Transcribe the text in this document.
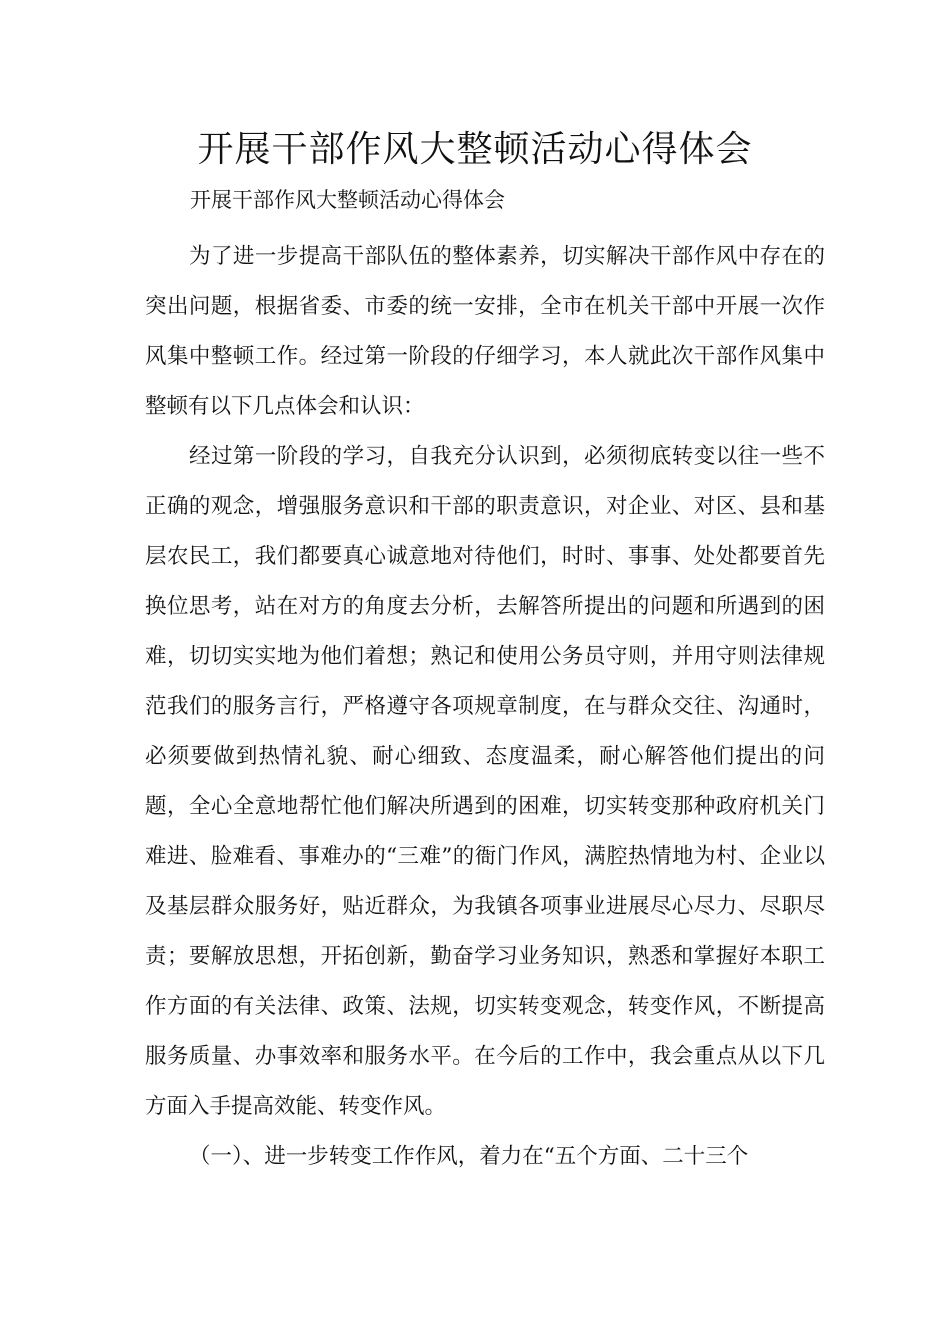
开展干部作风大整顿活动心得体会

开展干部作风大整顿活动心得体会

为了进一步提高干部队伍的整体素养，切实解决干部作风中存在的突出问题，根据省委、市委的统一安排，全市在机关干部中开展一次作风集中整顿工作。经过第一阶段的仔细学习，本人就此次干部作风集中整顿有以下几点体会和认识：

经过第一阶段的学习，自我充分认识到，必须彻底转变以往一些不正确的观念，增强服务意识和干部的职责意识，对企业、对区、县和基层农民工，我们都要真心诚意地对待他们，时时、事事、处处都要首先换位思考，站在对方的角度去分析，去解答所提出的问题和所遇到的困难，切切实实地为他们着想；熟记和使用公务员守则，并用守则法律规范我们的服务言行，严格遵守各项规章制度，在与群众交往、沟通时，必须要做到热情礼貌、耐心细致、态度温柔，耐心解答他们提出的问题，全心全意地帮忙他们解决所遇到的困难，切实转变那种政府机关门难进、脸难看、事难办的“三难”的衙门作风，满腔热情地为村、企业以及基层群众服务好，贴近群众，为我镇各项事业进展尽心尽力、尽职尽责；要解放思想，开拓创新，勤奋学习业务知识，熟悉和掌握好本职工作方面的有关法律、政策、法规，切实转变观念，转变作风，不断提高服务质量、办事效率和服务水平。在今后的工作中，我会重点从以下几方面入手提高效能、转变作风。

（一）、进一步转变工作作风，着力在“五个方面、二十三个
